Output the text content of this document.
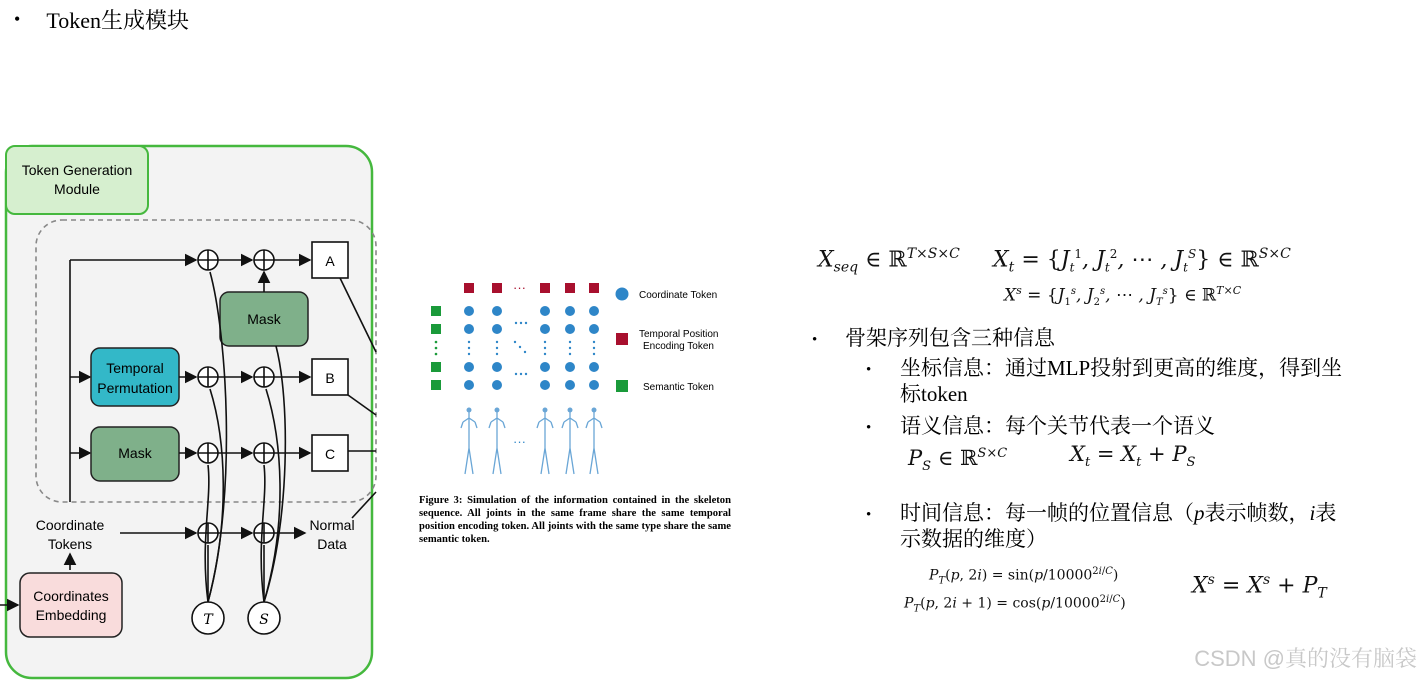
• Token生成模块
Token Generation
Module
Mask
Temporal
Permutation
Mask
A
B
C
Coordinate
Tokens
Normal
Data
Coordinates
Embedding	T	S
···
···
Coordinate Token
Temporal Position
Encoding Token
Semantic Token
Figure 3: Simulation of the information contained in the skeleton sequence. All joints in the same frame share the same temporal position encoding token. All joints with the same type share the same semantic token.
$X_{seq}$ ∈ ℝ$^{T\times S\times C}$ $X_t = \{J_t^1$, $J_t^2$, ⋯ , $J_t^S$} ∈ ℝ$^{S\times C}$
$X^s = \{J_1^s$, $J_2^s$, ⋯ , $J_T^s$} ∈ ℝ$^{T\times C}$
• 骨架序列包含三种信息
• 坐标信息：通过MLP投射到更高的维度，得到坐
标token
• 语义信息：每个关节代表一个语义
$P_S$ ∈ ℝ$^{S\times C}$	$X_t = X_t + P_S$
• 时间信息：每一帧的位置信息（p表示帧数，i表
示数据的维度）
$P_T(p$, $2i) = \sin(p/10000^{2i/C})$
$P_T(p$, $2i + 1) = \cos(p/10000^{2i/C})$
$X^s = X^s + P_T$
CSDN @真的没有脑袋
